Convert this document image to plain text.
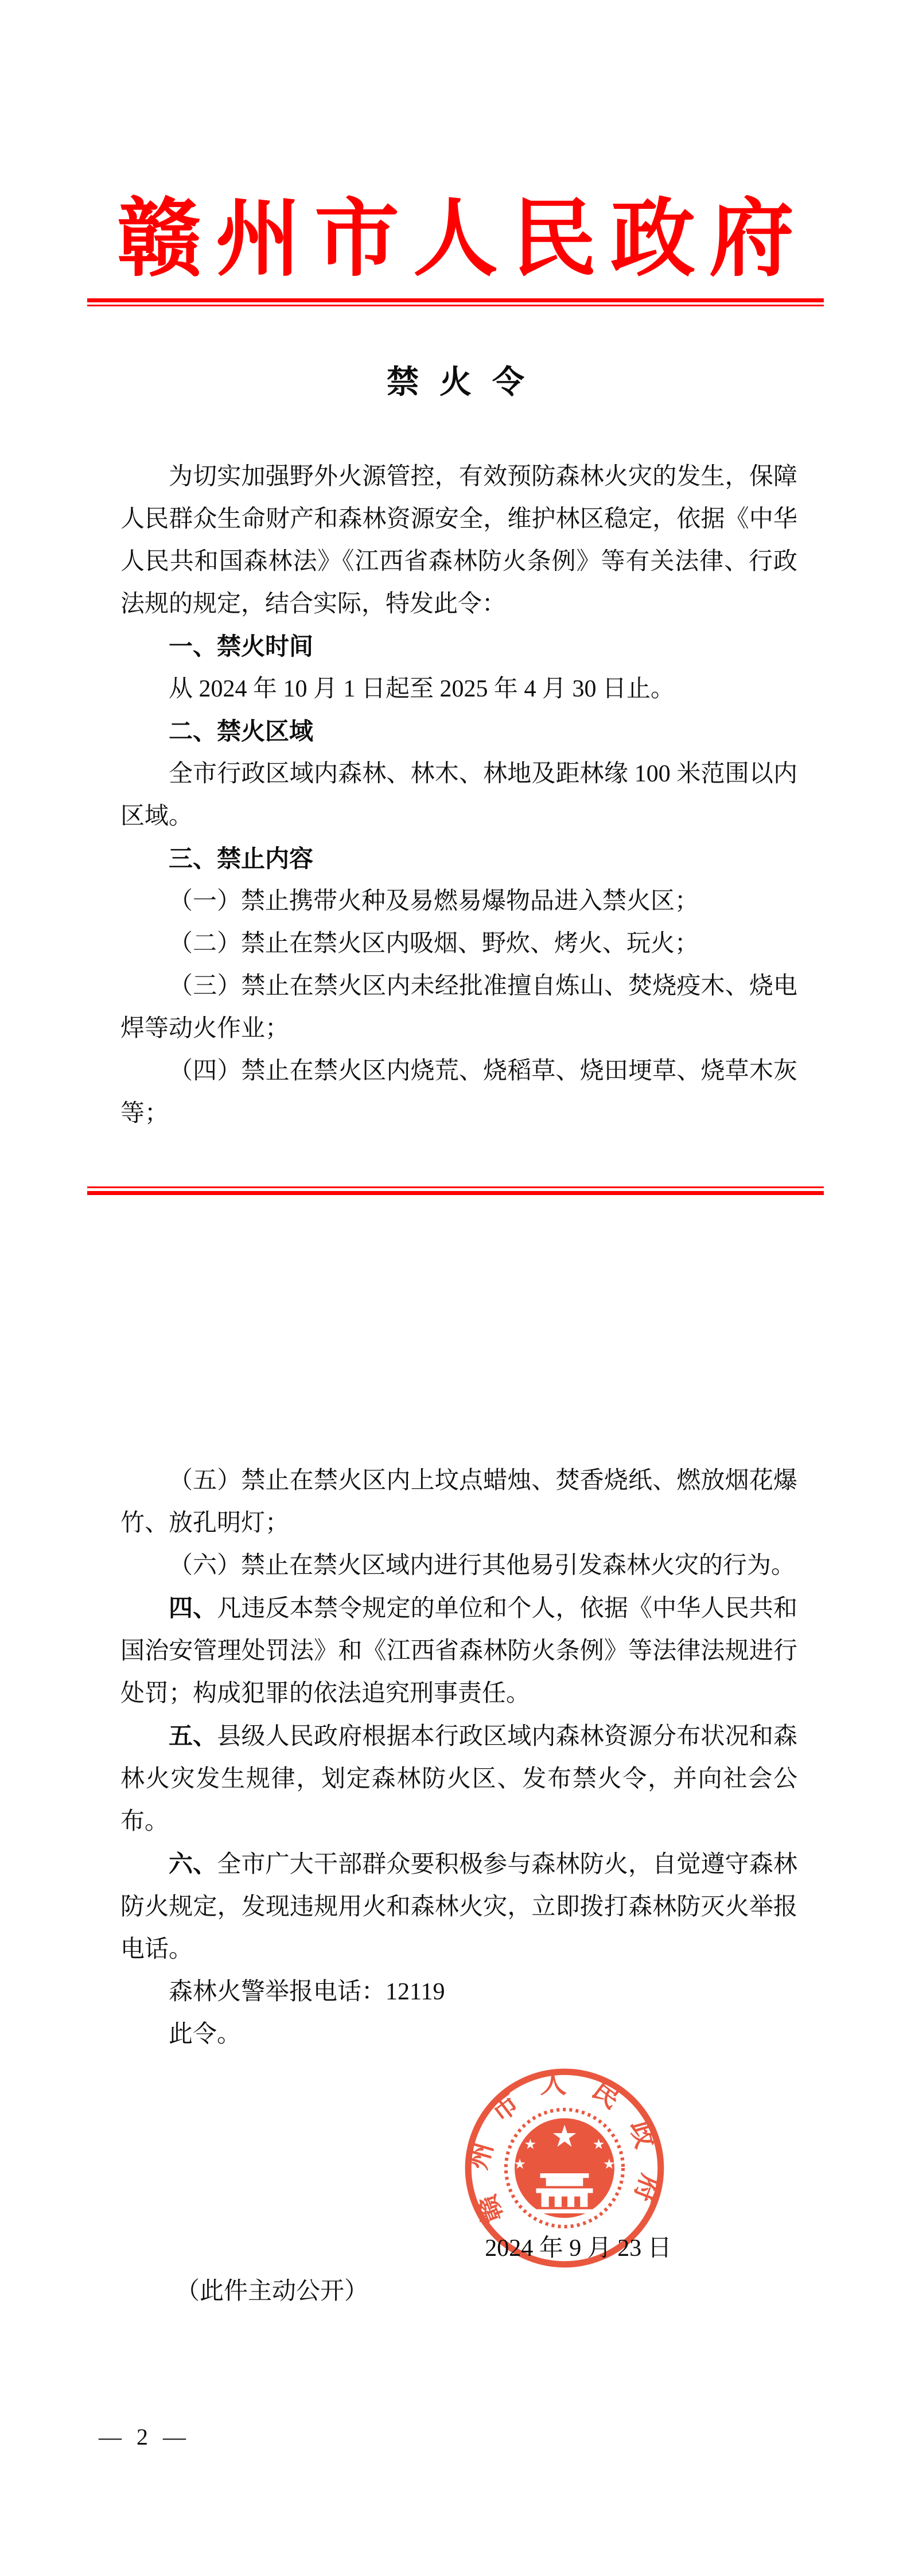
赣州市人民政府
禁火令

为切实加强野外火源管控，有效预防森林火灾的发生，保障人民群众生命财产和森林资源安全，维护林区稳定，依据《中华人民共和国森林法》《江西省森林防火条例》等有关法律、行政法规的规定，结合实际，特发此令：

一、禁火时间

从 2024 年 10 月 1 日起至 2025 年 4 月 30 日止。

二、禁火区域

全市行政区域内森林、林木、林地及距林缘 100 米范围以内区域。

三、禁止内容

（一）禁止携带火种及易燃易爆物品进入禁火区；

（二）禁止在禁火区内吸烟、野炊、烤火、玩火；

（三）禁止在禁火区内未经批准擅自炼山、焚烧疫木、烧电焊等动火作业；

（四）禁止在禁火区内烧荒、烧稻草、烧田埂草、烧草木灰等；

（五）禁止在禁火区内上坟点蜡烛、焚香烧纸、燃放烟花爆竹、放孔明灯；

（六）禁止在禁火区域内进行其他易引发森林火灾的行为。

四、凡违反本禁令规定的单位和个人，依据《中华人民共和国治安管理处罚法》和《江西省森林防火条例》等法律法规进行处罚；构成犯罪的依法追究刑事责任。

五、县级人民政府根据本行政区域内森林资源分布状况和森林火灾发生规律，划定森林防火区、发布禁火令，并向社会公布。

六、全市广大干部群众要积极参与森林防火，自觉遵守森林防火规定，发现违规用火和森林火灾，立即拨打森林防灭火举报电话。

森林火警举报电话：12119

此令。

赣州市人民政府
★
★
★
★
★
2024 年 9 月 23 日
（此件主动公开）
— 2 —
